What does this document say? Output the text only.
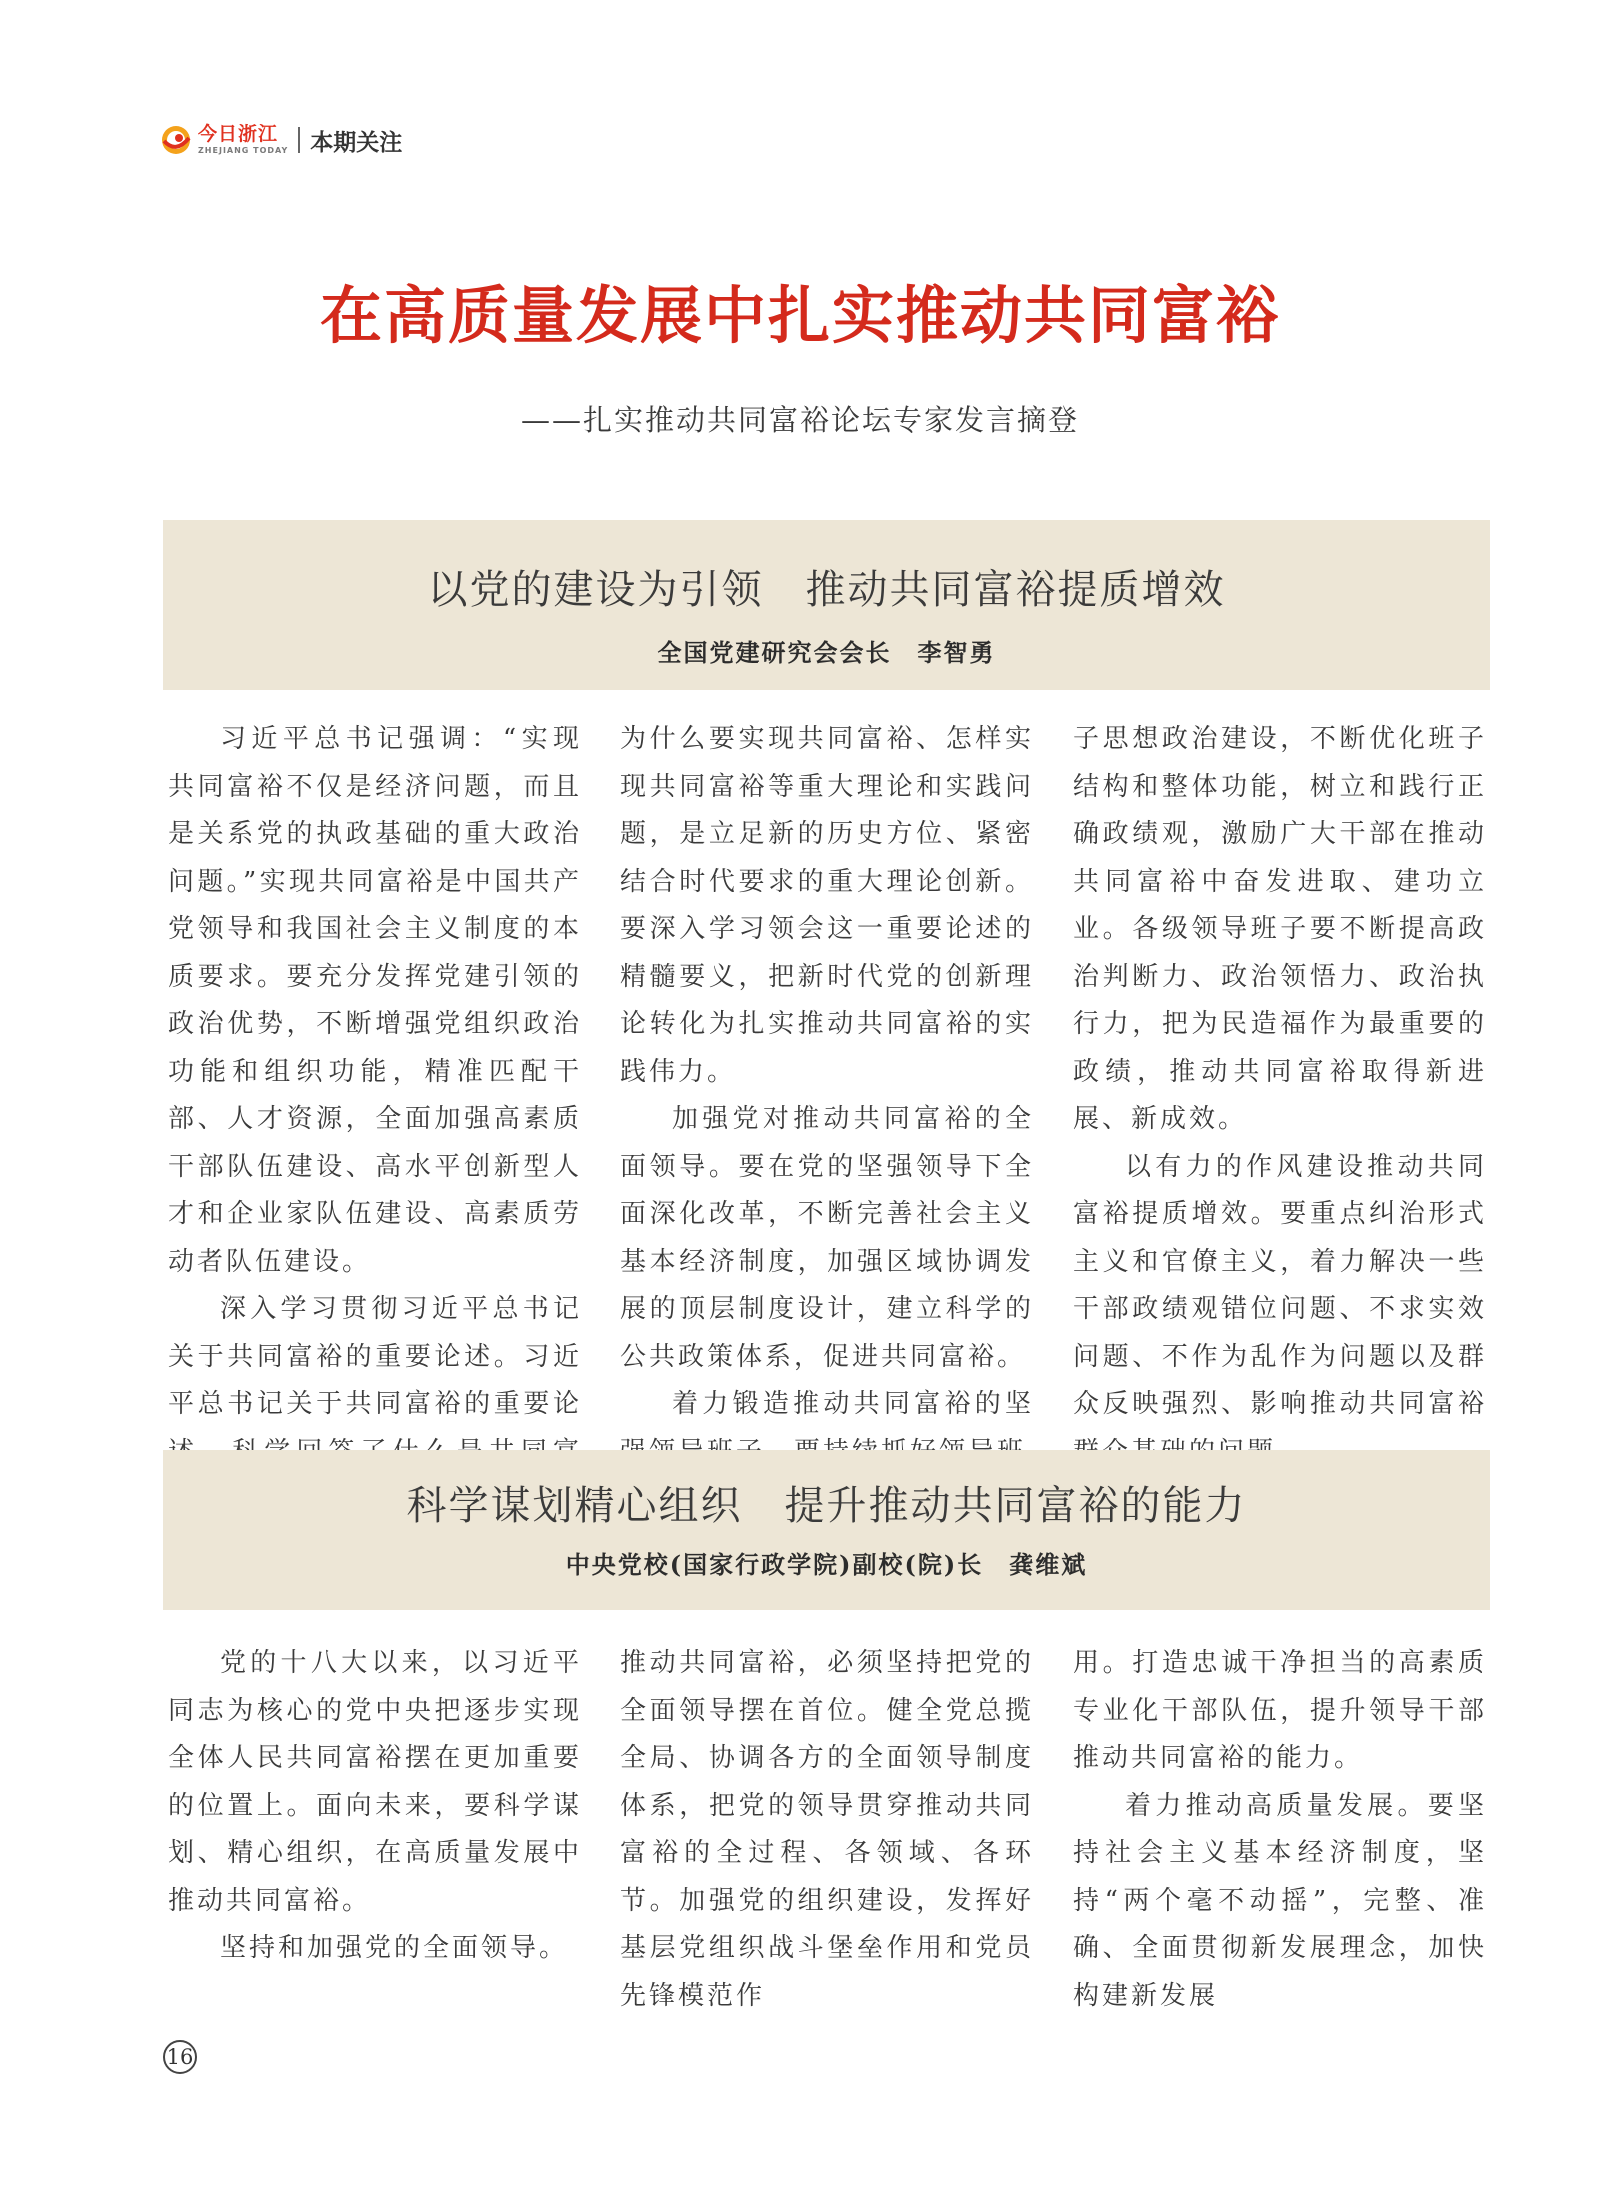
今日浙江
ZHEJIANG TODAY 本期关注
在高质量发展中扎实推动共同富裕
——扎实推动共同富裕论坛专家发言摘登
以党的建设为引领　推动共同富裕提质增效
全国党建研究会会长　李智勇

习近平总书记强调：“实现共同富裕不仅是经济问题，而且是关系党的执政基础的重大政治问题。”实现共同富裕是中国共产党领导和我国社会主义制度的本质要求。要充分发挥党建引领的政治优势，不断增强党组织政治功能和组织功能，精准匹配干部、人才资源，全面加强高素质干部队伍建设、高水平创新型人才和企业家队伍建设、高素质劳动者队伍建设。

深入学习贯彻习近平总书记关于共同富裕的重要论述。习近平总书记关于共同富裕的重要论

为什么要实现共同富裕、怎样实现共同富裕等重大理论和实践问题，是立足新的历史方位、紧密结合时代要求的重大理论创新。要深入学习领会这一重要论述的精髓要义，把新时代党的创新理论转化为扎实推动共同富裕的实践伟力。

加强党对推动共同富裕的全面领导。要在党的坚强领导下全面深化改革，不断完善社会主义基本经济制度，加强区域协调发展的顶层制度设计，建立科学的公共政策体系，促进共同富裕。

着力锻造推动共同富裕的坚

子思想政治建设，不断优化班子结构和整体功能，树立和践行正确政绩观，激励广大干部在推动共同富裕中奋发进取、建功立业。各级领导班子要不断提高政治判断力、政治领悟力、政治执行力，把为民造福作为最重要的政绩，推动共同富裕取得新进展、新成效。

以有力的作风建设推动共同富裕提质增效。要重点纠治形式主义和官僚主义，着力解决一些干部政绩观错位问题、不求实效问题、不作为乱作为问题以及群众反映强烈、影响推动共同富裕

科学谋划精心组织　提升推动共同富裕的能力
中央党校(国家行政学院)副校(院)长　龚维斌

党的十八大以来，以习近平同志为核心的党中央把逐步实现全体人民共同富裕摆在更加重要的位置上。面向未来，要科学谋划、精心组织，在高质量发展中推动共同富裕。

坚持和加强党的全面领导。

推动共同富裕，必须坚持把党的全面领导摆在首位。健全党总揽全局、协调各方的全面领导制度体系，把党的领导贯穿推动共同富裕的全过程、各领域、各环节。加强党的组织建设，发挥好基层党组织战斗堡垒作用和党员先锋模范作

用。打造忠诚干净担当的高素质专业化干部队伍，提升领导干部推动共同富裕的能力。

着力推动高质量发展。要坚持社会主义基本经济制度，坚持“两个毫不动摇”，完整、准确、全面贯彻新发展理念，加快构建新发展

16
